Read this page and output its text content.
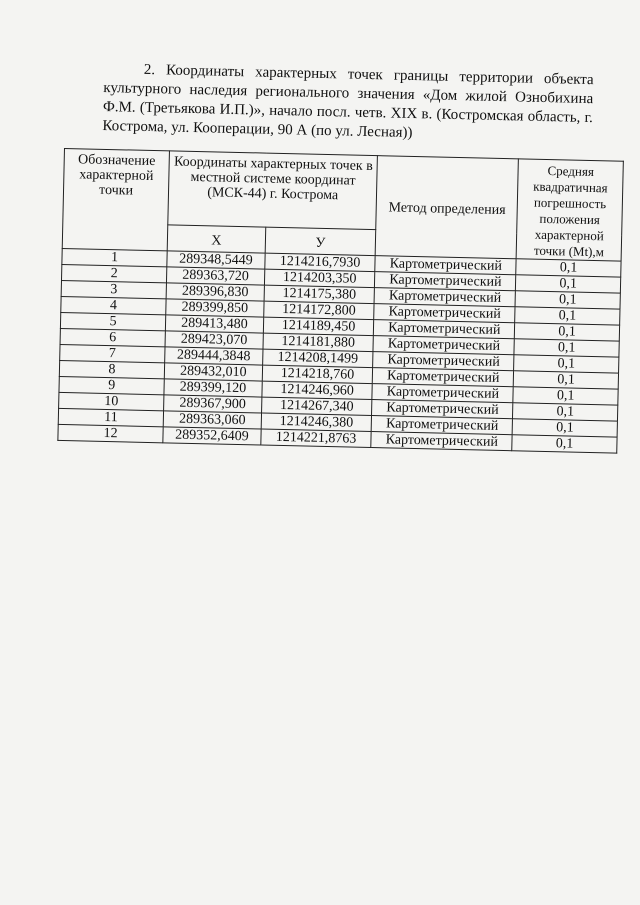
2. Координаты характерных точек границы территории объекта культурного наследия регионального значения «Дом жилой Ознобихина Ф.М. (Третьякова И.П.)», начало посл. четв. XIX в. (Костромская область, г. Кострома, ул. Кооперации, 90 А (по ул. Лесная))
Обозначение характерной точки	Координаты характерных точек в местной системе координат (МСК-44) г. Кострома		Метод определения	Средняя квадратичная погрешность положения характерной точки (Mt),м
	Х	У		
1	289348,5449	1214216,7930	Картометрический	0,1
2	289363,720	1214203,350	Картометрический	0,1
3	289396,830	1214175,380	Картометрический	0,1
4	289399,850	1214172,800	Картометрический	0,1
5	289413,480	1214189,450	Картометрический	0,1
6	289423,070	1214181,880	Картометрический	0,1
7	289444,3848	1214208,1499	Картометрический	0,1
8	289432,010	1214218,760	Картометрический	0,1
9	289399,120	1214246,960	Картометрический	0,1
10	289367,900	1214267,340	Картометрический	0,1
11	289363,060	1214246,380	Картометрический	0,1
12	289352,6409	1214221,8763	Картометрический	0,1
